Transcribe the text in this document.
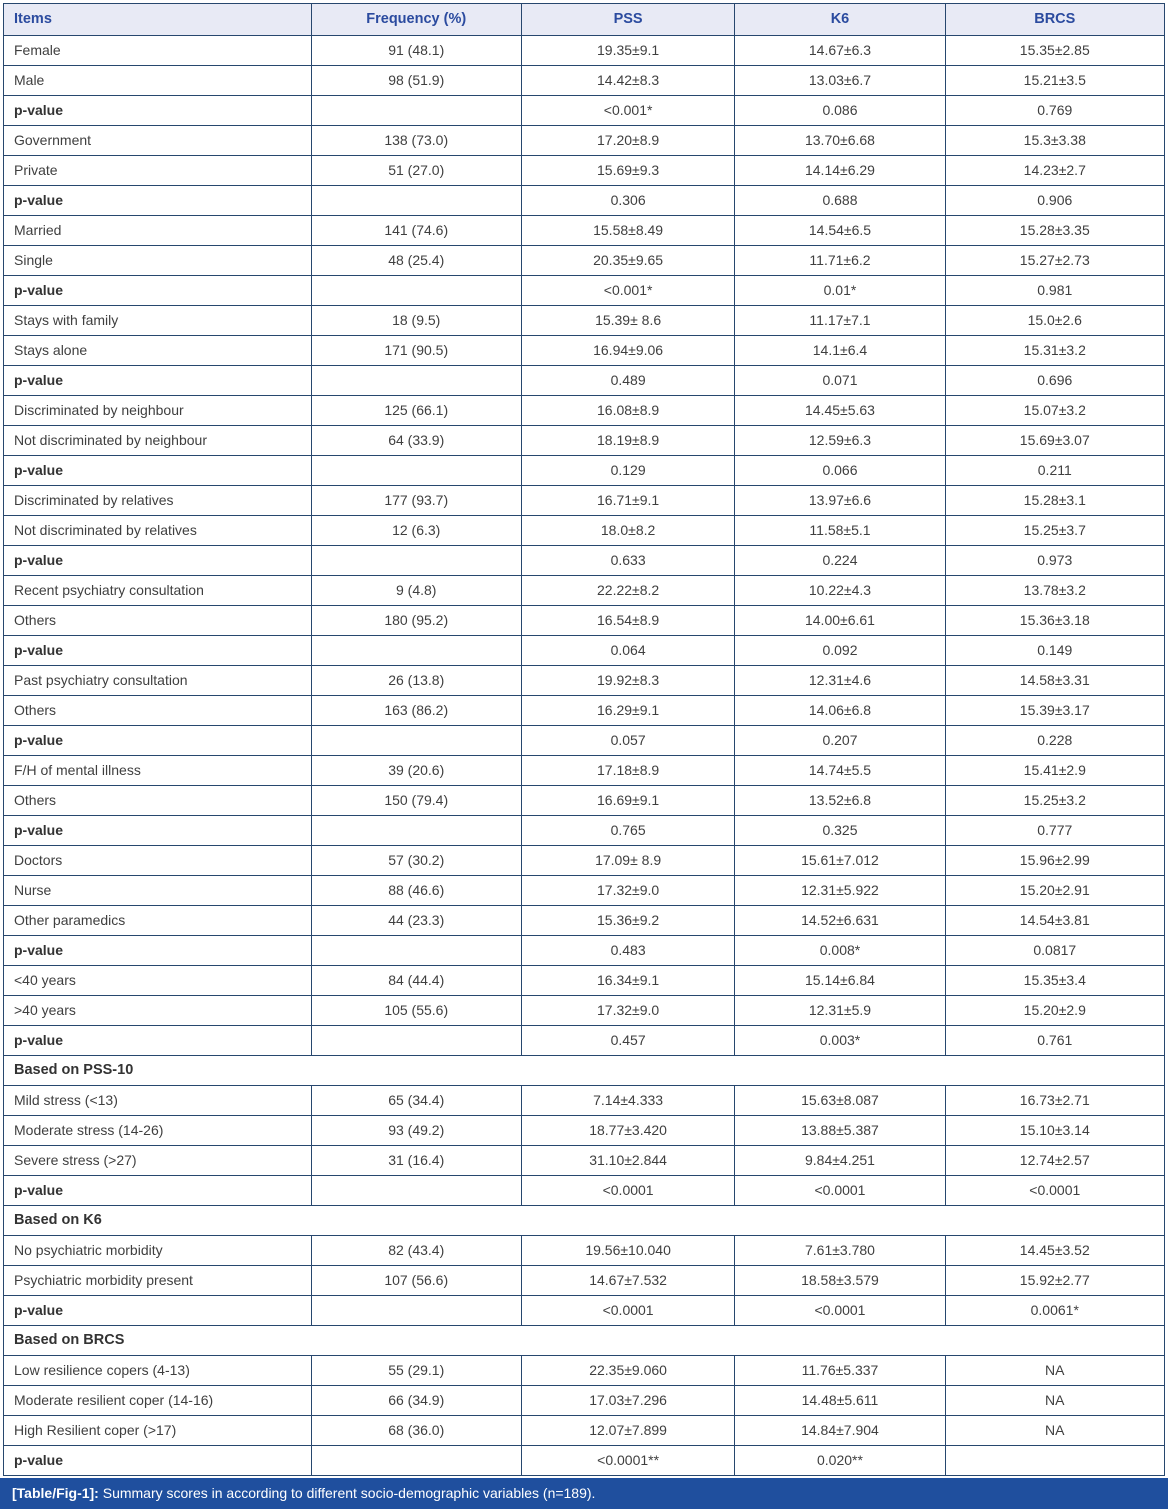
Items	Frequency (%)	PSS	K6	BRCS
Female	91 (48.1)	19.35±9.1	14.67±6.3	15.35±2.85
Male	98 (51.9)	14.42±8.3	13.03±6.7	15.21±3.5
p-value		<0.001*	0.086	0.769
Government	138 (73.0)	17.20±8.9	13.70±6.68	15.3±3.38
Private	51 (27.0)	15.69±9.3	14.14±6.29	14.23±2.7
p-value		0.306	0.688	0.906
Married	141 (74.6)	15.58±8.49	14.54±6.5	15.28±3.35
Single	48 (25.4)	20.35±9.65	11.71±6.2	15.27±2.73
p-value		<0.001*	0.01*	0.981
Stays with family	18 (9.5)	15.39± 8.6	11.17±7.1	15.0±2.6
Stays alone	171 (90.5)	16.94±9.06	14.1±6.4	15.31±3.2
p-value		0.489	0.071	0.696
Discriminated by neighbour	125 (66.1)	16.08±8.9	14.45±5.63	15.07±3.2
Not discriminated by neighbour	64 (33.9)	18.19±8.9	12.59±6.3	15.69±3.07
p-value		0.129	0.066	0.211
Discriminated by relatives	177 (93.7)	16.71±9.1	13.97±6.6	15.28±3.1
Not discriminated by relatives	12 (6.3)	18.0±8.2	11.58±5.1	15.25±3.7
p-value		0.633	0.224	0.973
Recent psychiatry consultation	9 (4.8)	22.22±8.2	10.22±4.3	13.78±3.2
Others	180 (95.2)	16.54±8.9	14.00±6.61	15.36±3.18
p-value		0.064	0.092	0.149
Past psychiatry consultation	26 (13.8)	19.92±8.3	12.31±4.6	14.58±3.31
Others	163 (86.2)	16.29±9.1	14.06±6.8	15.39±3.17
p-value		0.057	0.207	0.228
F/H of mental illness	39 (20.6)	17.18±8.9	14.74±5.5	15.41±2.9
Others	150 (79.4)	16.69±9.1	13.52±6.8	15.25±3.2
p-value		0.765	0.325	0.777
Doctors	57 (30.2)	17.09± 8.9	15.61±7.012	15.96±2.99
Nurse	88 (46.6)	17.32±9.0	12.31±5.922	15.20±2.91
Other paramedics	44 (23.3)	15.36±9.2	14.52±6.631	14.54±3.81
p-value		0.483	0.008*	0.0817
<40 years	84 (44.4)	16.34±9.1	15.14±6.84	15.35±3.4
>40 years	105 (55.6)	17.32±9.0	12.31±5.9	15.20±2.9
p-value		0.457	0.003*	0.761
Based on PSS-10				
Mild stress (<13)	65 (34.4)	7.14±4.333	15.63±8.087	16.73±2.71
Moderate stress (14-26)	93 (49.2)	18.77±3.420	13.88±5.387	15.10±3.14
Severe stress (>27)	31 (16.4)	31.10±2.844	9.84±4.251	12.74±2.57
p-value		<0.0001	<0.0001	<0.0001
Based on K6				
No psychiatric morbidity	82 (43.4)	19.56±10.040	7.61±3.780	14.45±3.52
Psychiatric morbidity present	107 (56.6)	14.67±7.532	18.58±3.579	15.92±2.77
p-value		<0.0001	<0.0001	0.0061*
Based on BRCS				
Low resilience copers (4-13)	55 (29.1)	22.35±9.060	11.76±5.337	NA
Moderate resilient coper (14-16)	66 (34.9)	17.03±7.296	14.48±5.611	NA
High Resilient coper (>17)	68 (36.0)	12.07±7.899	14.84±7.904	NA
p-value		<0.0001**	0.020**	
[Table/Fig-1]: Summary scores in according to different socio-demographic variables (n=189).
